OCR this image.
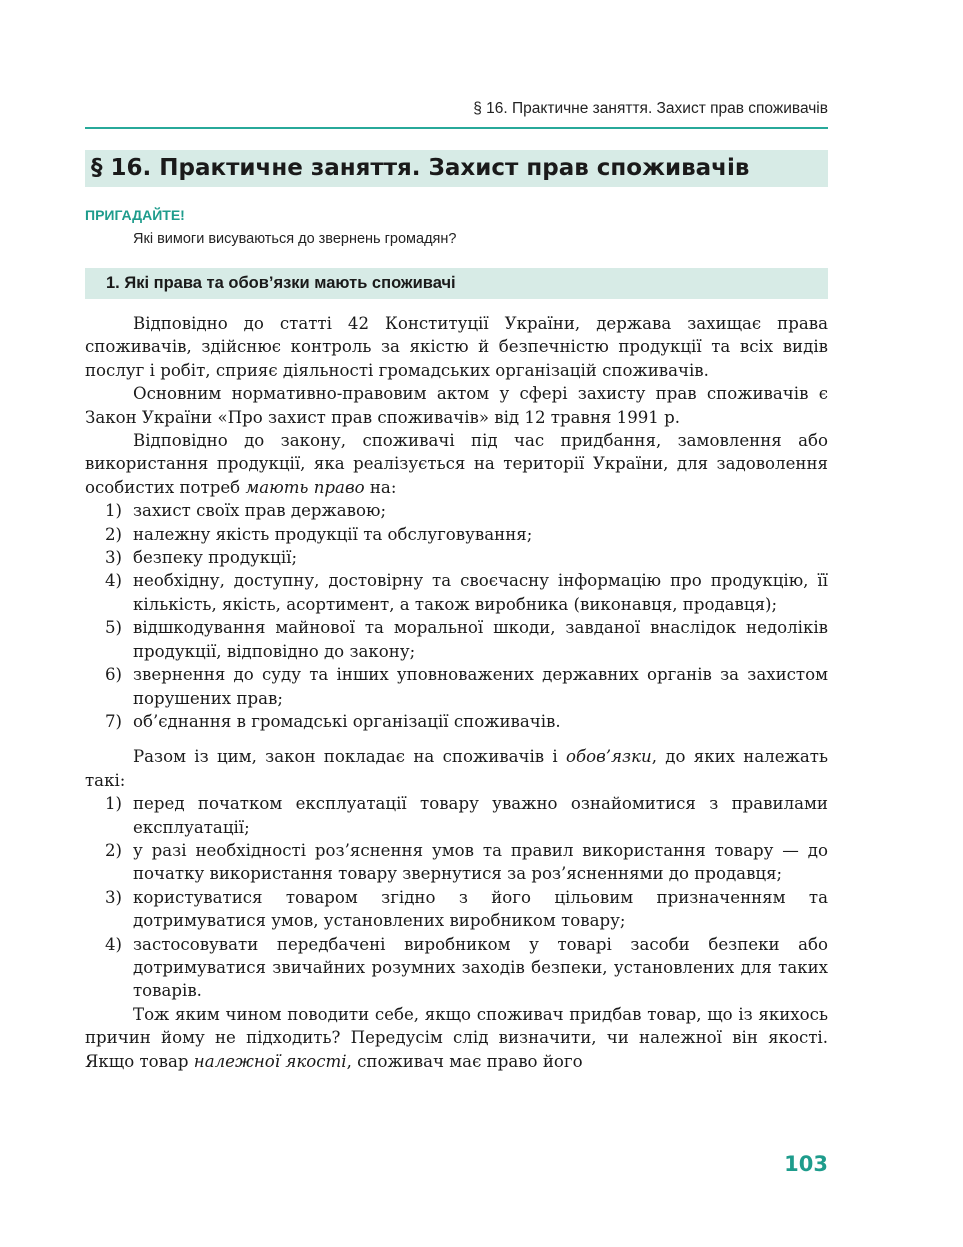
§ 16. Практичне заняття. Захист прав споживачів
§ 16. Практичне заняття. Захист прав споживачів
ПРИГАДАЙТЕ!
Які вимоги висуваються до звернень громадян?
1. Які права та обов’язки мають споживачі

Відповідно до статті 42 Конституції України, держава захищає права споживачів, здійснює контроль за якістю й безпечністю продукції та всіх видів послуг і робіт, сприяє діяльності громадських організацій споживачів.

Основним нормативно-правовим актом у сфері захисту прав споживачів є Закон України «Про захист прав споживачів» від 12 травня 1991 р.

Відповідно до закону, споживачі під час придбання, замовлення або використання продукції, яка реалізується на території України, для задоволення особистих потреб мають право на:

1) захист своїх прав державою;
2) належну якість продукції та обслуговування;
3) безпеку продукції;
4) необхідну, доступну, достовірну та своєчасну інформацію про продукцію, її кількість, якість, асортимент, а також виробника (виконавця, продавця);
5) відшкодування майнової та моральної шкоди, завданої внаслідок недоліків продукції, відповідно до закону;
6) звернення до суду та інших уповноважених державних органів за захистом порушених прав;
7) об’єднання в громадські організації споживачів.

Разом із цим, закон покладає на споживачів і обов’язки, до яких належать такі:

1) перед початком експлуатації товару уважно ознайомитися з правилами експлуатації;
2) у разі необхідності роз’яснення умов та правил використання товару — до початку використання товару звернутися за роз’ясненнями до продавця;
3) користуватися товаром згідно з його цільовим призначенням та дотримуватися умов, установлених виробником товару;
4) застосовувати передбачені виробником у товарі засоби безпеки або дотримуватися звичайних розумних заходів безпеки, установлених для таких товарів.

Тож яким чином поводити себе, якщо споживач придбав товар, що із якихось причин йому не підходить? Передусім слід визначити, чи належної він якості. Якщо товар належної якості, споживач має право його

103
